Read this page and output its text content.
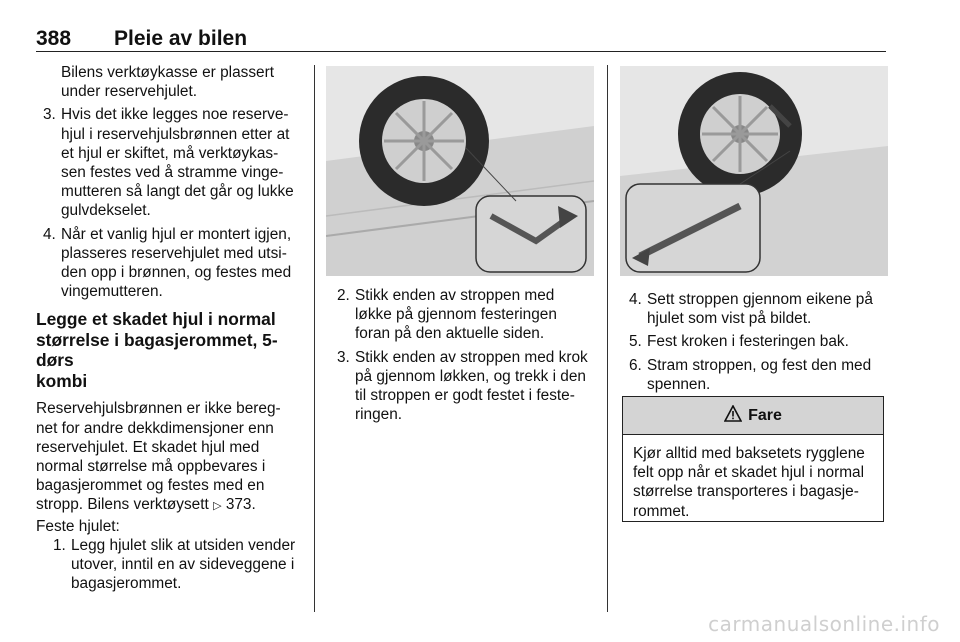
388 Pleie av bilen

Bilens verktøykasse er plassert

under reservehjulet.

3. Hvis det ikke legges noe reserve-

hjul i reservehjulsbrønnen etter at

et hjul er skiftet, må verktøykas-

sen festes ved å stramme vinge-

mutteren så langt det går og lukke

gulvdekselet.

4. Når et vanlig hjul er montert igjen,

plasseres reservehjulet med utsi-

den opp i brønnen, og festes med

vingemutteren.

Legge et skadet hjul i normal

størrelse i bagasjerommet, 5-dørs

kombi

Reservehjulsbrønnen er ikke bereg-

net for andre dekkdimensjoner enn

reservehjulet. Et skadet hjul med

normal størrelse må oppbevares i

bagasjerommet og festes med en

stropp. Bilens verktøysett ▷ 373.

Feste hjulet:

1. Legg hjulet slik at utsiden vender

utover, inntil en av sideveggene i

bagasjerommet.

2. Stikk enden av stroppen med

løkke på gjennom festeringen

foran på den aktuelle siden.

3. Stikk enden av stroppen med krok

på gjennom løkken, og trekk i den

til stroppen er godt festet i feste-

ringen.

4. Sett stroppen gjennom eikene på

hjulet som vist på bildet.

5. Fest kroken i festeringen bak.

6. Stram stroppen, og fest den med

spennen.

Fare

Kjør alltid med baksetets rygglene

felt opp når et skadet hjul i normal

størrelse transporteres i bagasje-

rommet.

carmanualsonline.info
